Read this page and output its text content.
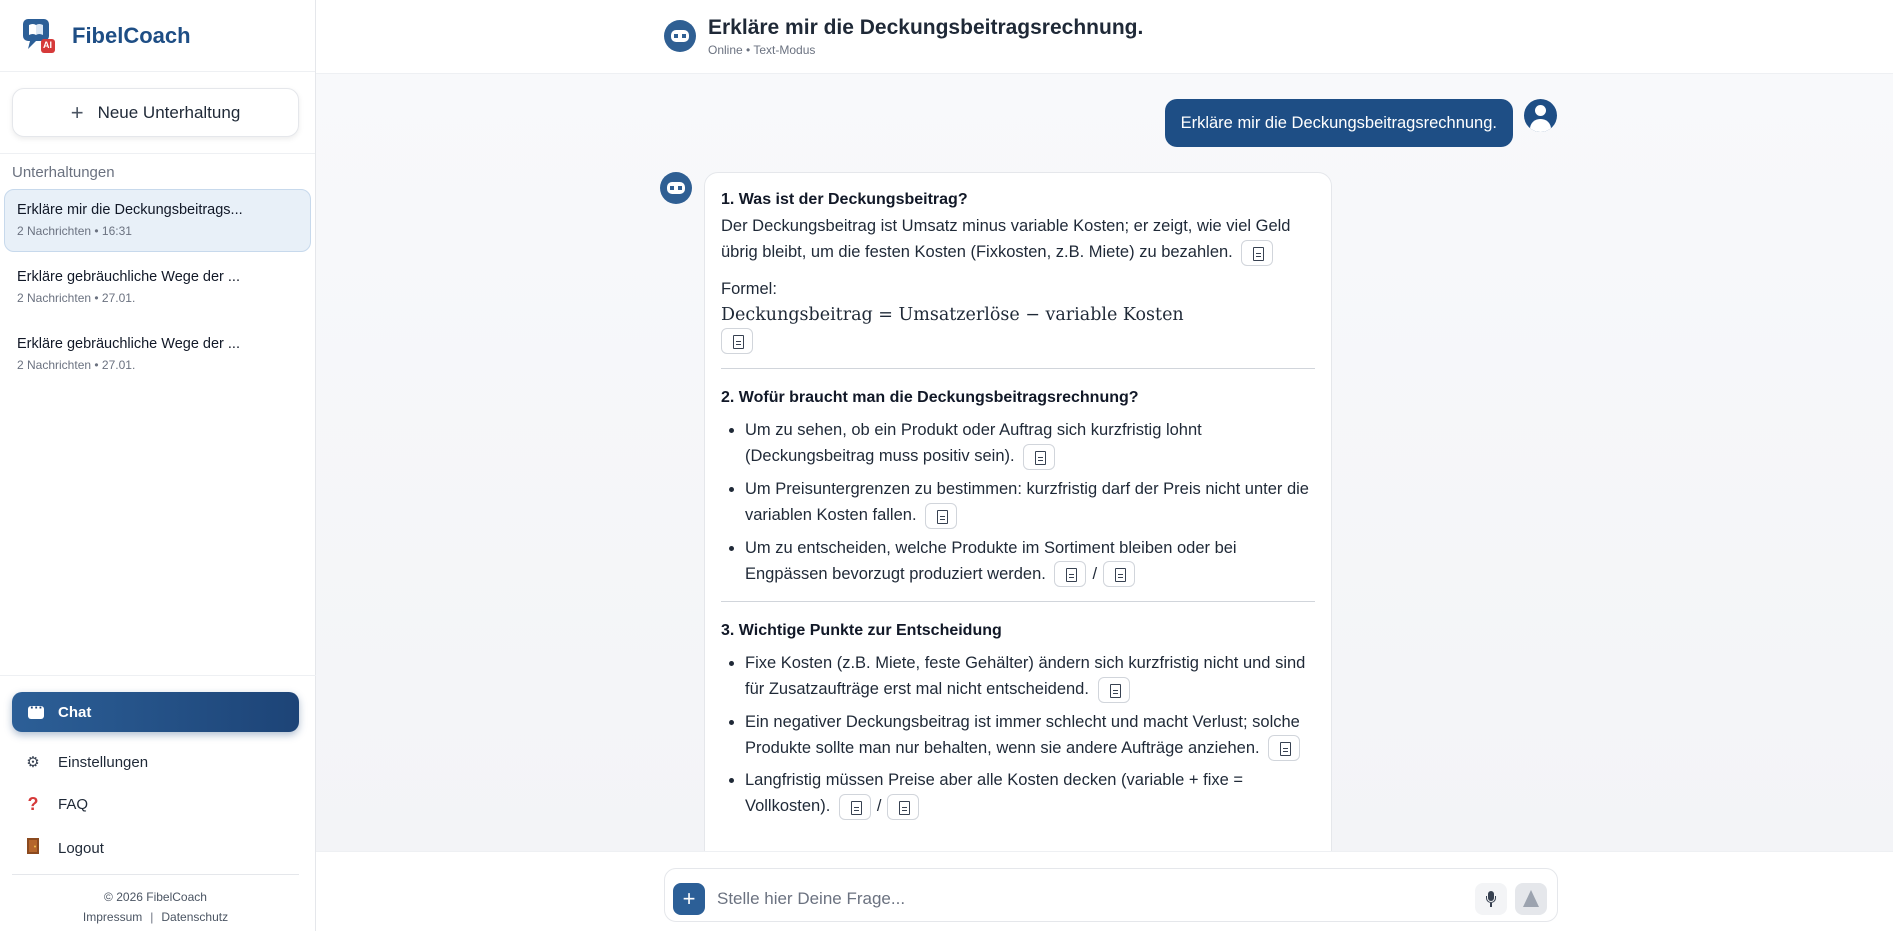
AI FibelCoach
+ Neue Unterhaltung
Unterhaltungen
Erkläre mir die Deckungsbeitrags...
2 Nachrichten • 16:31
Erkläre gebräuchliche Wege der ...
2 Nachrichten • 27.01.
Erkläre gebräuchliche Wege der ...
2 Nachrichten • 27.01.
···
Chat
⚙ Einstellungen
? FAQ
Logout
© 2026 FibelCoach
Impressum | Datenschutz
Erkläre mir die Deckungsbeitragsrechnung.
Online • Text-Modus
Erkläre mir die Deckungsbeitragsrechnung.
1. Was ist der Deckungsbeitrag?
Der Deckungsbeitrag ist Umsatz minus variable Kosten; er zeigt, wie viel Geld übrig bleibt, um die festen Kosten (Fixkosten, z.B. Miete) zu bezahlen.
Formel:
Deckungsbeitrag = Umsatzerlöse − variable Kosten
2. Wofür braucht man die Deckungsbeitragsrechnung?
• Um zu sehen, ob ein Produkt oder Auftrag sich kurzfristig lohnt (Deckungsbeitrag muss positiv sein).
• Um Preisuntergrenzen zu bestimmen: kurzfristig darf der Preis nicht unter die variablen Kosten fallen.
• Um zu entscheiden, welche Produkte im Sortiment bleiben oder bei Engpässen bevorzugt produziert werden.	/
3. Wichtige Punkte zur Entscheidung
• Fixe Kosten (z.B. Miete, feste Gehälter) ändern sich kurzfristig nicht und sind für Zusatzaufträge erst mal nicht entscheidend.
• Ein negativer Deckungsbeitrag ist immer schlecht und macht Verlust; solche Produkte sollte man nur behalten, wenn sie andere Aufträge anziehen.
• Langfristig müssen Preise aber alle Kosten decken (variable + fixe = Vollkosten).	/
+
Stelle hier Deine Frage...
